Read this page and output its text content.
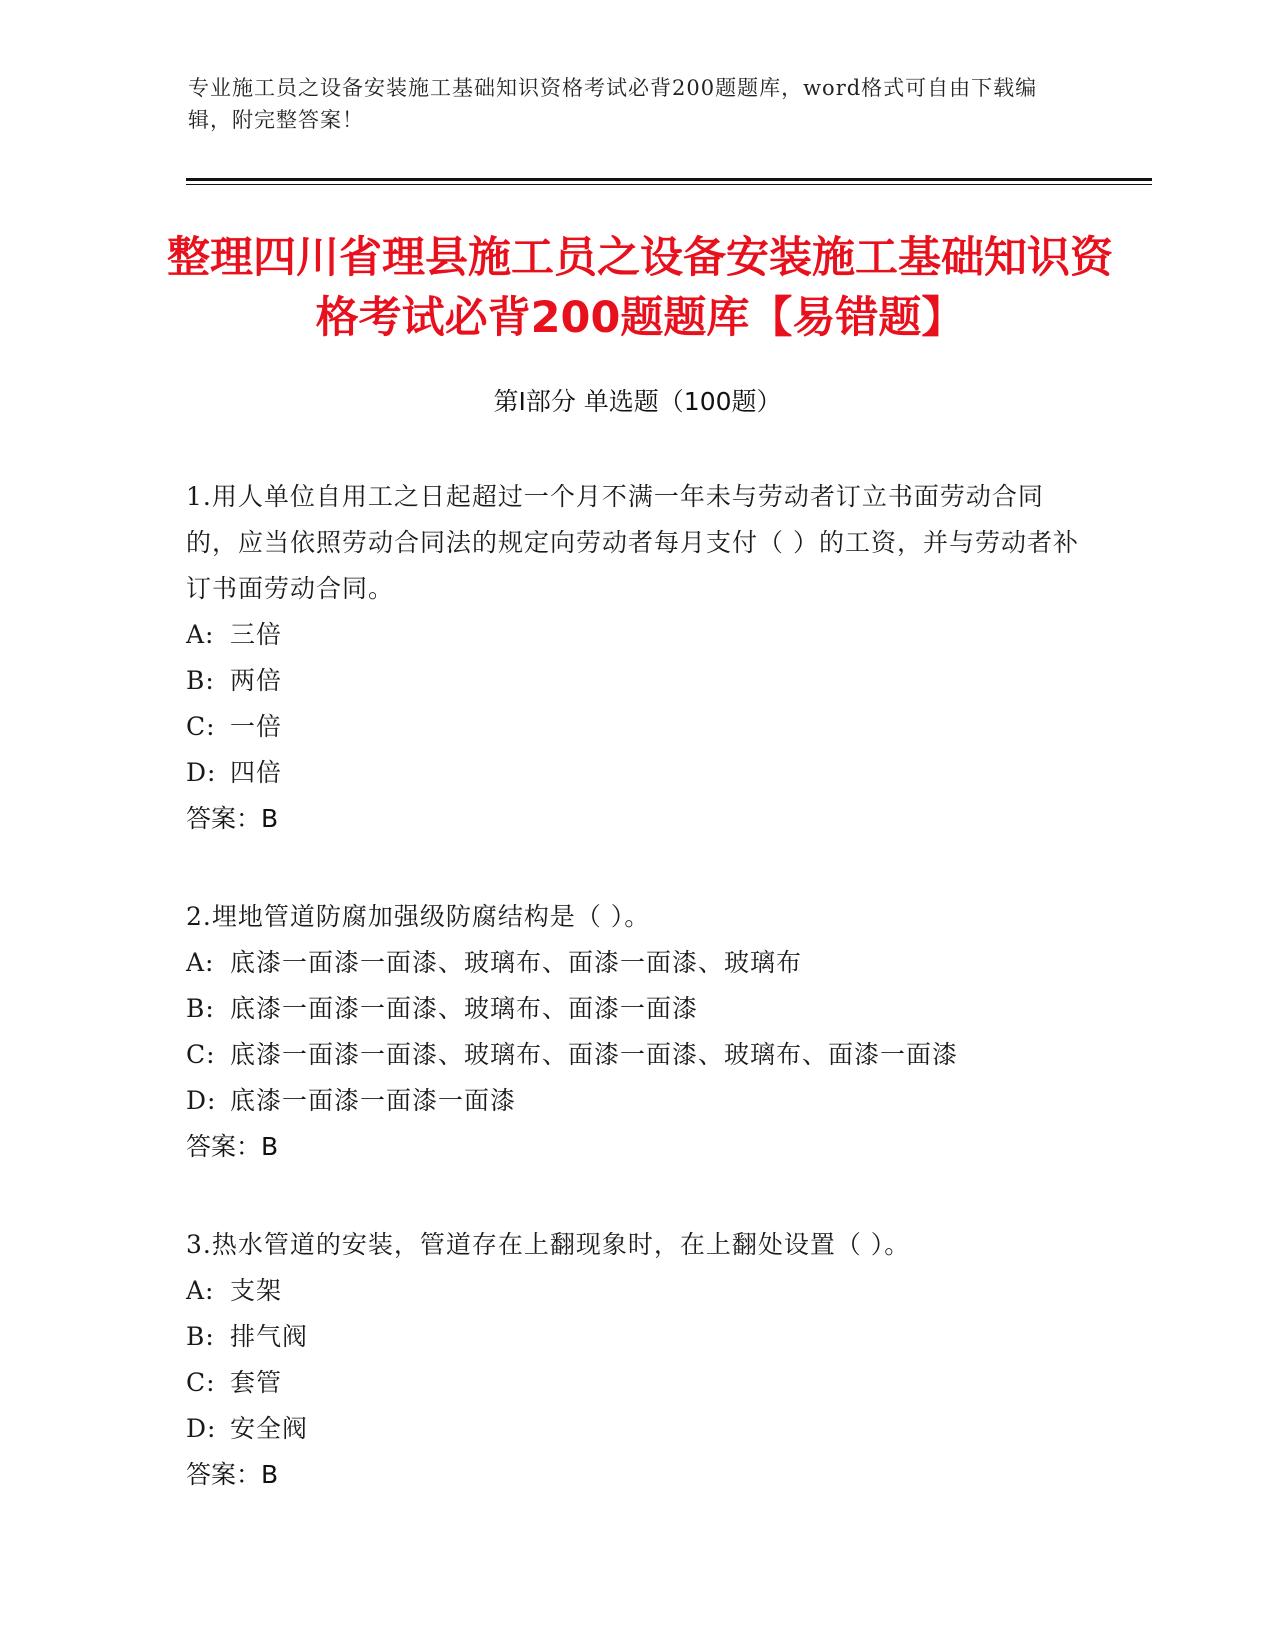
专业施工员之设备安装施工基础知识资格考试必背200题题库，word格式可自由下载编辑，附完整答案！
整理四川省理县施工员之设备安装施工基础知识资格考试必背200题题库【易错题】
第I部分 单选题（100题）
1.用人单位自用工之日起超过一个月不满一年未与劳动者订立书面劳动合同的，应当依照劳动合同法的规定向劳动者每月支付（ ）的工资，并与劳动者补订书面劳动合同。
A: 三倍
B: 两倍
C: 一倍
D: 四倍
答案：B
2.埋地管道防腐加强级防腐结构是（ ）。
A: 底漆一面漆一面漆、玻璃布、面漆一面漆、玻璃布
B: 底漆一面漆一面漆、玻璃布、面漆一面漆
C: 底漆一面漆一面漆、玻璃布、面漆一面漆、玻璃布、面漆一面漆
D: 底漆一面漆一面漆一面漆
答案：B
3.热水管道的安装，管道存在上翻现象时，在上翻处设置（ ）。
A: 支架
B: 排气阀
C: 套管
D: 安全阀
答案：B
